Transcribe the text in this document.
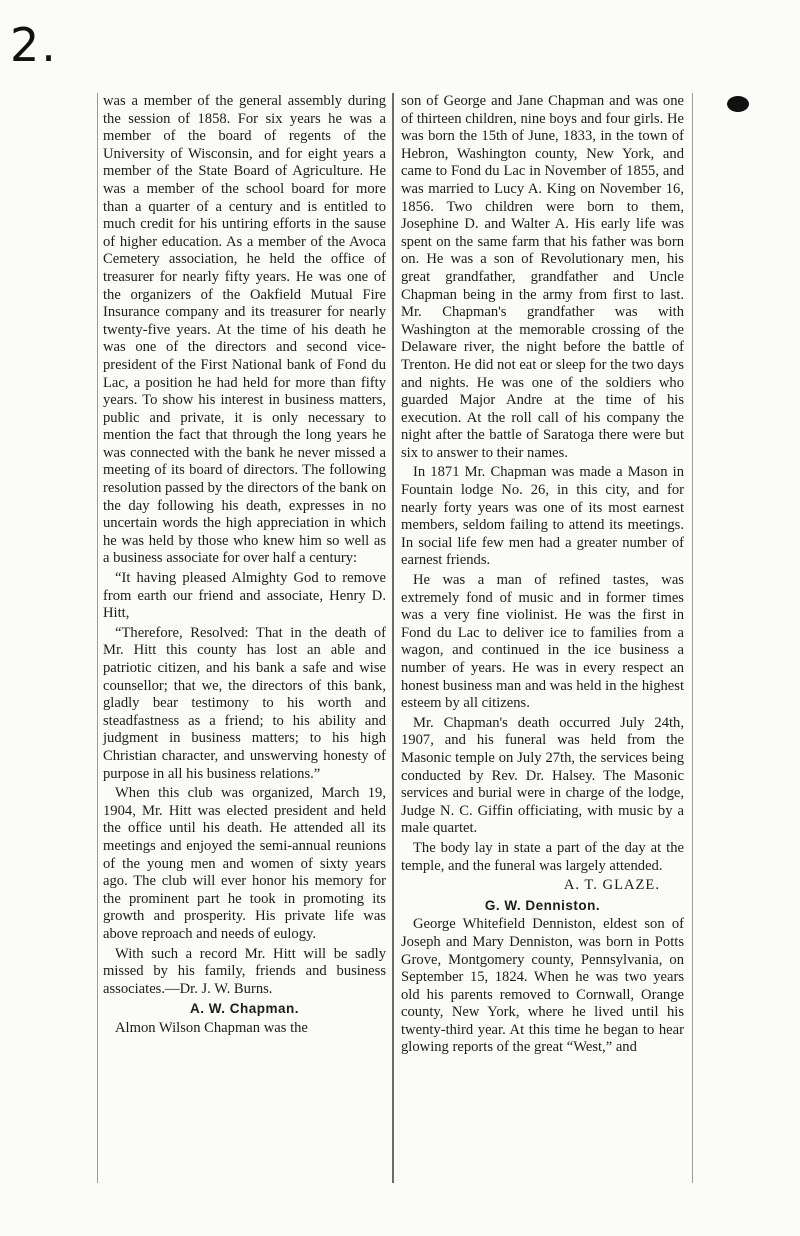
2.

was a member of the general assembly during the session of 1858. For six years he was a member of the board of regents of the University of Wisconsin, and for eight years a member of the State Board of Agriculture. He was a member of the school board for more than a quarter of a century and is entitled to much credit for his untiring efforts in the sause of higher education. As a member of the Avoca Cemetery association, he held the office of treasurer for nearly fifty years. He was one of the organizers of the Oakfield Mutual Fire Insurance company and its treasurer for nearly twenty-five years. At the time of his death he was one of the directors and second vice-president of the First National bank of Fond du Lac, a position he had held for more than fifty years. To show his interest in business matters, public and private, it is only necessary to mention the fact that through the long years he was connected with the bank he never missed a meeting of its board of directors. The following resolution passed by the directors of the bank on the day following his death, expresses in no uncertain words the high appreciation in which he was held by those who knew him so well as a business associate for over half a century:

“It having pleased Almighty God to remove from earth our friend and associate, Henry D. Hitt,

“Therefore, Resolved: That in the death of Mr. Hitt this county has lost an able and patriotic citizen, and his bank a safe and wise counsellor; that we, the directors of this bank, gladly bear testimony to his worth and steadfastness as a friend; to his ability and judgment in business matters; to his high Christian character, and unswerving honesty of purpose in all his business relations.”

When this club was organized, March 19, 1904, Mr. Hitt was elected president and held the office until his death. He attended all its meetings and enjoyed the semi-annual reunions of the young men and women of sixty years ago. The club will ever honor his memory for the prominent part he took in promoting its growth and prosperity. His private life was above reproach and needs of eulogy.

With such a record Mr. Hitt will be sadly missed by his family, friends and business associates.—Dr. J. W. Burns.

A. W. Chapman.

Almon Wilson Chapman was the

son of George and Jane Chapman and was one of thirteen children, nine boys and four girls. He was born the 15th of June, 1833, in the town of Hebron, Washington county, New York, and came to Fond du Lac in November of 1855, and was married to Lucy A. King on November 16, 1856. Two children were born to them, Josephine D. and Walter A. His early life was spent on the same farm that his father was born on. He was a son of Revolutionary men, his great grandfather, grandfather and Uncle Chapman being in the army from first to last. Mr. Chapman's grandfather was with Washington at the memorable crossing of the Delaware river, the night before the battle of Trenton. He did not eat or sleep for the two days and nights. He was one of the soldiers who guarded Major Andre at the time of his execution. At the roll call of his company the night after the battle of Saratoga there were but six to answer to their names.

In 1871 Mr. Chapman was made a Mason in Fountain lodge No. 26, in this city, and for nearly forty years was one of its most earnest members, seldom failing to attend its meetings. In social life few men had a greater number of earnest friends.

He was a man of refined tastes, was extremely fond of music and in former times was a very fine violinist. He was the first in Fond du Lac to deliver ice to families from a wagon, and continued in the ice business a number of years. He was in every respect an honest business man and was held in the highest esteem by all citizens.

Mr. Chapman's death occurred July 24th, 1907, and his funeral was held from the Masonic temple on July 27th, the services being conducted by Rev. Dr. Halsey. The Masonic services and burial were in charge of the lodge, Judge N. C. Giffin officiating, with music by a male quartet.

The body lay in state a part of the day at the temple, and the funeral was largely attended.

A. T. GLAZE.

G. W. Denniston.

George Whitefield Denniston, eldest son of Joseph and Mary Denniston, was born in Potts Grove, Montgomery county, Pennsylvania, on September 15, 1824. When he was two years old his parents removed to Cornwall, Orange county, New York, where he lived until his twenty-third year. At this time he began to hear glowing reports of the great “West,” and
